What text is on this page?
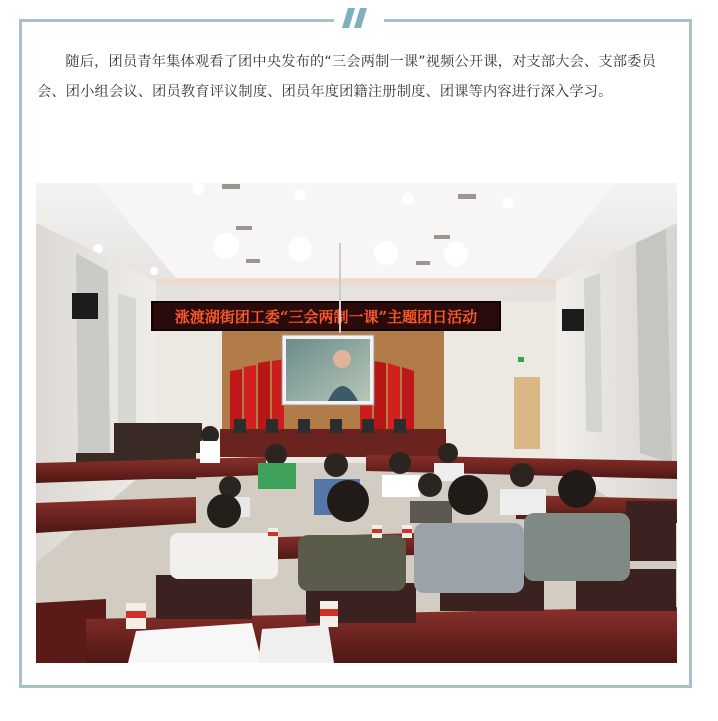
随后，团员青年集体观看了团中央发布的“三会两制一课”视频公开课，对支部大会、支部委员会、团小组会议、团员教育评议制度、团员年度团籍注册制度、团课等内容进行深入学习。

涨渡湖街团工委“三会两制一课”主题团日活动
